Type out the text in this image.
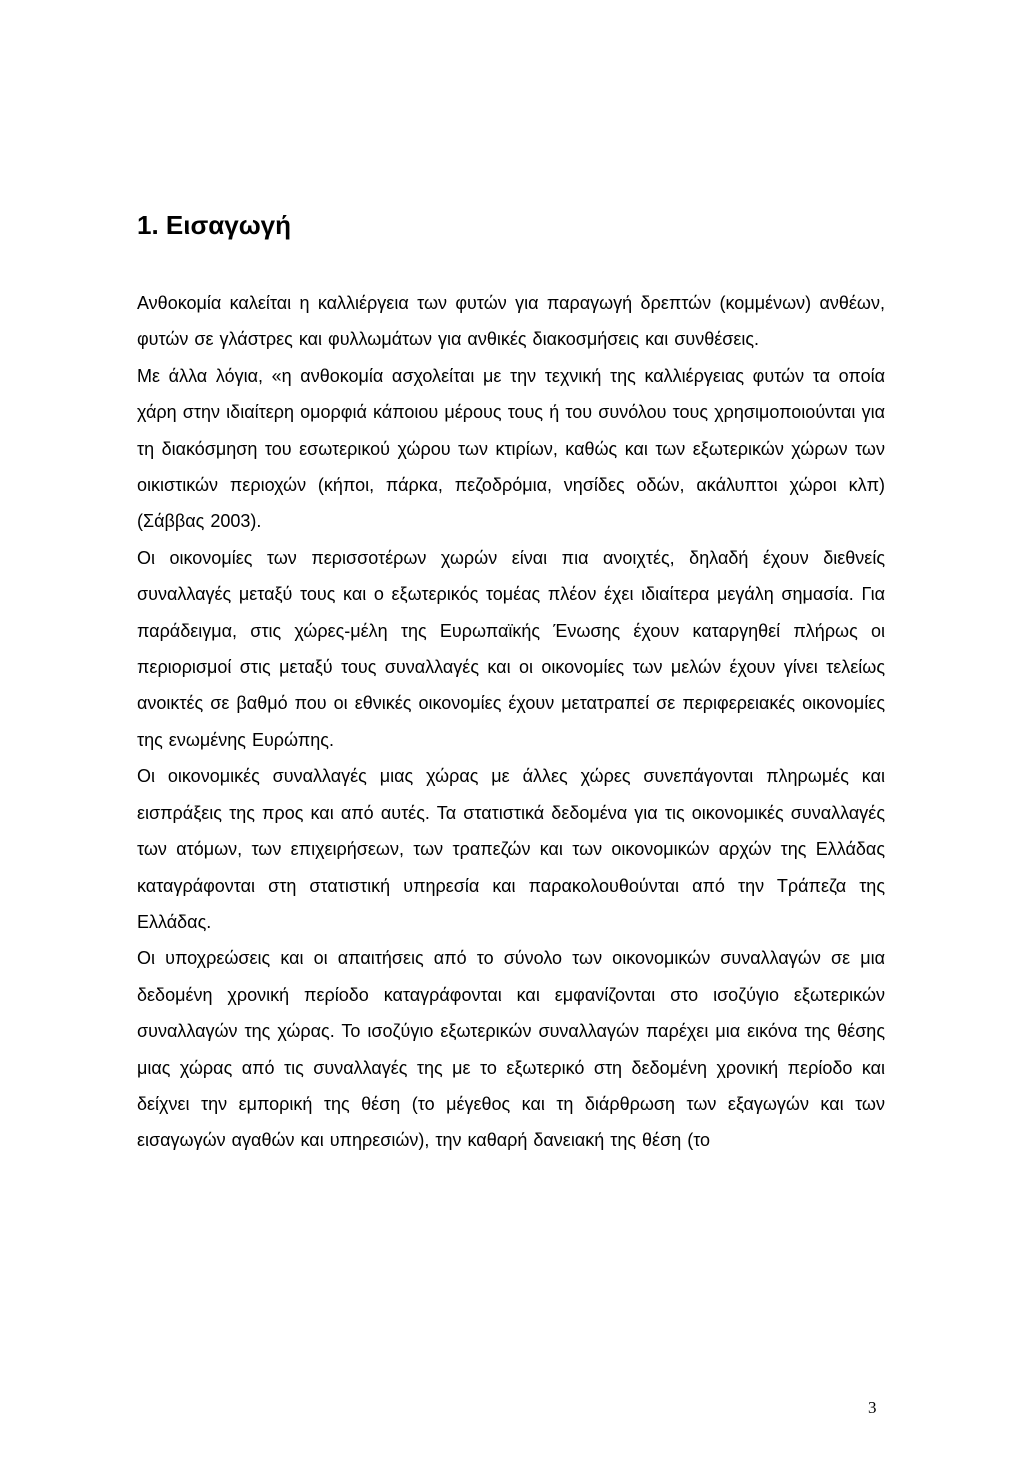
1. Εισαγωγή

Ανθοκομία καλείται η καλλιέργεια των φυτών για παραγωγή δρεπτών (κομμένων) ανθέων, φυτών σε γλάστρες και φυλλωμάτων για ανθικές διακοσμήσεις και συνθέσεις.

Με άλλα λόγια, «η ανθοκομία ασχολείται με την τεχνική της καλλιέργειας φυτών τα οποία χάρη στην ιδιαίτερη ομορφιά κάποιου μέρους τους ή του συνόλου τους χρησιμοποιούνται για τη διακόσμηση του εσωτερικού χώρου των κτιρίων, καθώς και των εξωτερικών χώρων των οικιστικών περιοχών (κήποι, πάρκα, πεζοδρόμια, νησίδες οδών, ακάλυπτοι χώροι κλπ) (Σάββας 2003).

Οι οικονομίες των περισσοτέρων χωρών είναι πια ανοιχτές, δηλαδή έχουν διεθνείς συναλλαγές μεταξύ τους και ο εξωτερικός τομέας πλέον έχει ιδιαίτερα μεγάλη σημασία. Για παράδειγμα, στις χώρες-μέλη της Ευρωπαϊκής Ένωσης έχουν καταργηθεί πλήρως οι περιορισμοί στις μεταξύ τους συναλλαγές και οι οικονομίες των μελών έχουν γίνει τελείως ανοικτές σε βαθμό που οι εθνικές οικονομίες έχουν μετατραπεί σε περιφερειακές οικονομίες της ενωμένης Ευρώπης.

Οι οικονομικές συναλλαγές μιας χώρας με άλλες χώρες συνεπάγονται πληρωμές και εισπράξεις της προς και από αυτές. Τα στατιστικά δεδομένα για τις οικονομικές συναλλαγές των ατόμων, των επιχειρήσεων, των τραπεζών και των οικονομικών αρχών της Ελλάδας καταγράφονται στη στατιστική υπηρεσία και παρακολουθούνται από την Τράπεζα της Ελλάδας.

Οι υποχρεώσεις και οι απαιτήσεις από το σύνολο των οικονομικών συναλλαγών σε μια δεδομένη χρονική περίοδο καταγράφονται και εμφανίζονται στο ισοζύγιο εξωτερικών συναλλαγών της χώρας. Το ισοζύγιο εξωτερικών συναλλαγών παρέχει μια εικόνα της θέσης μιας χώρας από τις συναλλαγές της με το εξωτερικό στη δεδομένη χρονική περίοδο και δείχνει την εμπορική της θέση (το μέγεθος και τη διάρθρωση των εξαγωγών και των εισαγωγών αγαθών και υπηρεσιών), την καθαρή δανειακή της θέση (το

3
